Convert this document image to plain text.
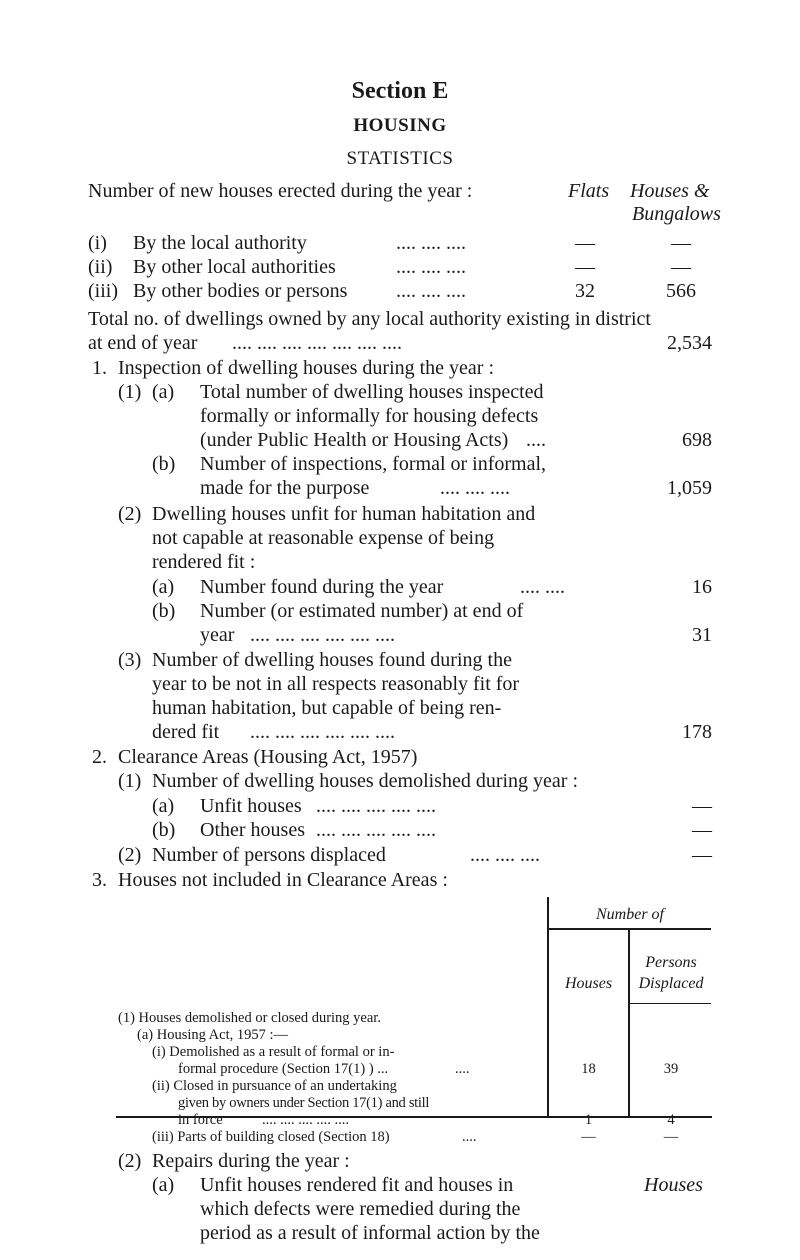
Section E
HOUSING
STATISTICS
Number of new houses erected during the year :	Flats Houses &
Bungalows
(i) By the local authority	.... .... ....	—	—
(ii) By other local authorities	.... .... ....	—	—
(iii) By other bodies or persons .... .... ....	32	566
Total no. of dwellings owned by any local authority existing in district
at end of year .... .... .... .... .... .... ....	2,534
1. Inspection of dwelling houses during the year :
(1) (a) Total number of dwelling houses inspected
formally or informally for housing defects
(under Public Health or Housing Acts) ....	698
(b) Number of inspections, formal or informal,
made for the purpose	.... .... ....	1,059
(2) Dwelling houses unfit for human habitation and
not capable at reasonable expense of being
rendered fit :
(a) Number found during the year	.... ....	16
(b) Number (or estimated number) at end of
year .... .... .... .... .... ....	31
(3) Number of dwelling houses found during the
year to be not in all respects reasonably fit for
human habitation, but capable of being ren-
dered fit .... .... .... .... .... ....	178
2. Clearance Areas (Housing Act, 1957)
(1) Number of dwelling houses demolished during year :
(a) Unfit houses .... .... .... .... ....	—
(b) Other houses .... .... .... .... ....	—
(2) Number of persons displaced	.... .... ....	—
3. Houses not included in Clearance Areas :
Number of
Houses
Persons
Displaced
(1) Houses demolished or closed during year.
(a) Housing Act, 1957 :—
(i) Demolished as a result of formal or in-
formal procedure (Section 17(1) ) ...	....	18	39
(ii) Closed in pursuance of an undertaking
given by owners under Section 17(1) and still
in force	.... .... .... .... ....	1	4
(iii) Parts of building closed (Section 18)	....	—	—
(2) Repairs during the year :
(a) Unfit houses rendered fit and houses in	Houses
which defects were remedied during the
period as a result of informal action by the
